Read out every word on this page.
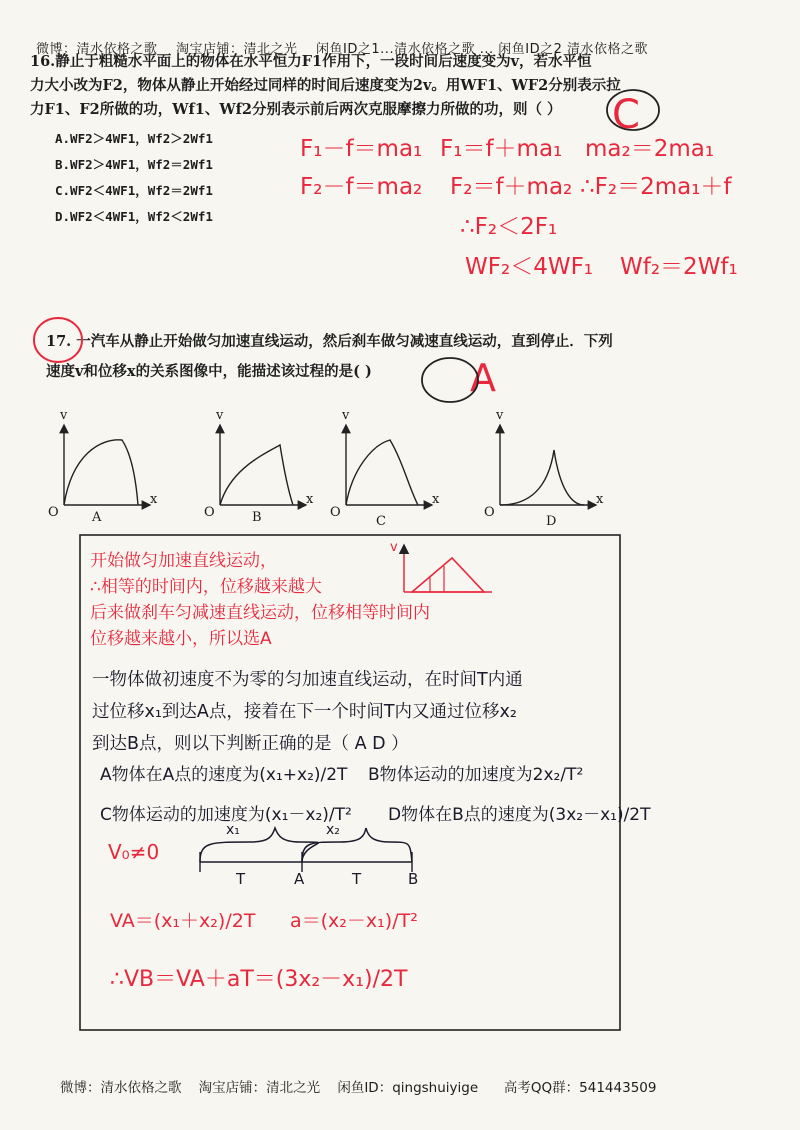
微博：清水依格之歌    淘宝店铺：清北之光    闲鱼ID之1...清水依格之歌 ... 闲鱼ID之2 清水依格之歌
16.静止于粗糙水平面上的物体在水平恒力F1作用下，一段时间后速度变为v，若水平恒
力大小改为F2，物体从静止开始经过同样的时间后速度变为2v。用WF1、WF2分别表示拉
力F1、F2所做的功，Wf1、Wf2分别表示前后两次克服摩擦力所做的功，则（ ）	C
A.WF2＞4WF1，Wf2＞2Wf1
B.WF2＞4WF1，Wf2＝2Wf1
C.WF2＜4WF1，Wf2＝2Wf1
D.WF2＜4WF1，Wf2＜2Wf1
F₁－f＝ma₁ F₁＝f＋ma₁ ma₂＝2ma₁
F₂－f＝ma₂ F₂＝f＋ma₂ ∴F₂＝2ma₁＋f
∴F₂＜2F₁
WF₂＜4WF₁ Wf₂＝2Wf₁
17. 一汽车从静止开始做匀加速直线运动，然后刹车做匀减速直线运动，直到停止．下列
速度v和位移x的关系图像中，能描述该过程的是( )	A
O
v
x
A	O
v
x
B	O
v
x
C
O
v
x
D
v
开始做匀加速直线运动，
∴相等的时间内，位移越来越大
后来做刹车匀减速直线运动，位移相等时间内
位移越来越小，所以选A
一物体做初速度不为零的匀加速直线运动，在时间T内通
过位移x₁到达A点，接着在下一个时间T内又通过位移x₂
到达B点，则以下判断正确的是（ A D ）
A物体在A点的速度为(x₁+x₂)/2T B物体运动的加速度为2x₂/T²
C物体运动的加速度为(x₁－x₂)/T² D物体在B点的速度为(3x₂－x₁)/2T
V₀≠0
x₁	x₂
T	A	T	B
VA＝(x₁＋x₂)/2T a＝(x₂－x₁)/T²
∴VB＝VA＋aT＝(3x₂－x₁)/2T
微博：清水依格之歌    淘宝店铺：清北之光    闲鱼ID：qingshuiyige      高考QQ群：541443509
